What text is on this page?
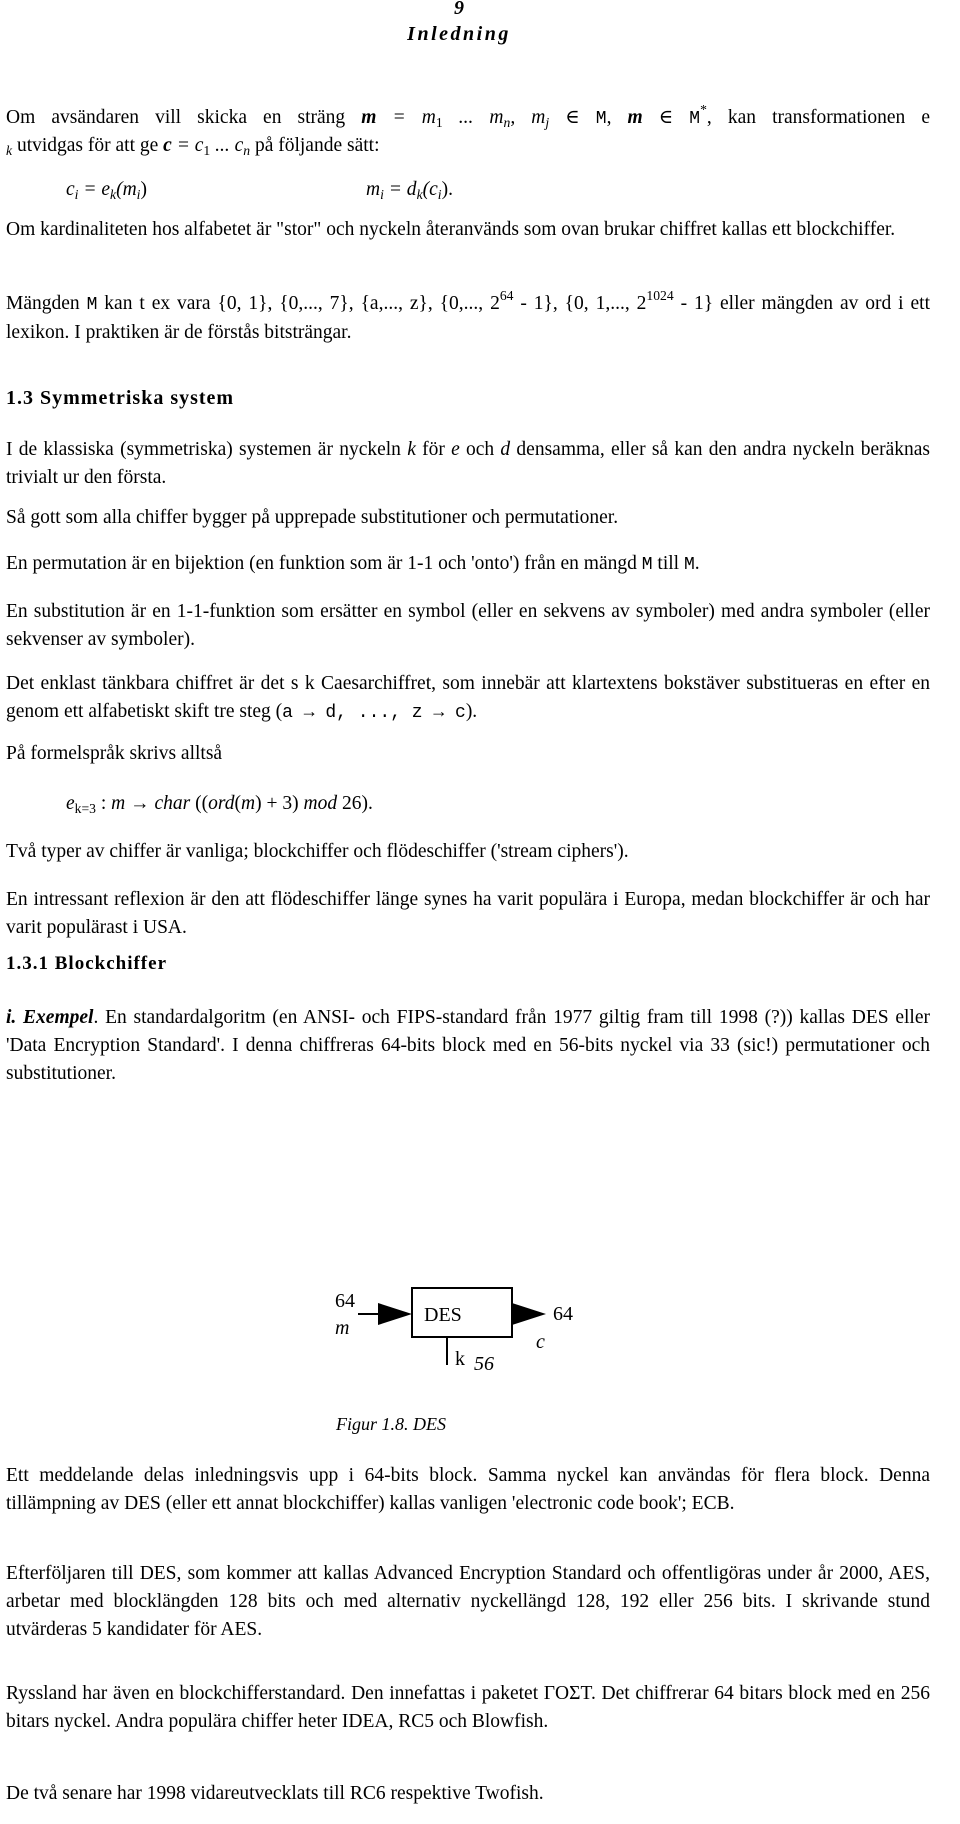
9
Inledning

Om avsändaren vill skicka en sträng $m = m_1$ ... $m_n$, $m_j$ ∈ M, m ∈ M*, kan transformationen e

$_k$ utvidgas för att ge $c = c_1$ ... $c_n$ på följande sätt:

$c_i = e_k(m_i)$	$m_i = d_k(c_i)$.

Om kardinaliteten hos alfabetet är "stor" och nyckeln återanvänds som ovan brukar chiffret kallas ett blockchiffer.

Mängden M kan t ex vara {0, 1}, {0,..., 7}, {a,..., z}, {0,..., $2^{64} - 1$}, {0, 1,..., $2^{1024} - 1$} eller mängden av ord i ett lexikon. I praktiken är de förstås bitsträngar.

1.3 Symmetriska system

I de klassiska (symmetriska) systemen är nyckeln k för e och d densamma, eller så kan den andra nyckeln beräknas trivialt ur den första.

Så gott som alla chiffer bygger på upprepade substitutioner och permutationer.

En permutation är en bijektion (en funktion som är 1-1 och 'onto') från en mängd M till M.

En substitution är en 1-1-funktion som ersätter en symbol (eller en sekvens av symboler) med andra symboler (eller sekvenser av symboler).

Det enklast tänkbara chiffret är det s k Caesarchiffret, som innebär att klartextens bokstäver substitueras en efter en genom ett alfabetiskt skift tre steg (a → d, ..., z → c).

På formelspråk skrivs alltså

$e_{k=3}$ : m → char ((ord(m) + 3) mod 26).

Två typer av chiffer är vanliga; blockchiffer och flödeschiffer ('stream ciphers').

En intressant reflexion är den att flödeschiffer länge synes ha varit populära i Europa, medan blockchiffer är och har varit populärast i USA.

1.3.1 Blockchiffer

i. Exempel. En standardalgoritm (en ANSI- och FIPS-standard från 1977 giltig fram till 1998 (?)) kallas DES eller 'Data Encryption Standard'. I denna chiffreras 64-bits block med en 56-bits nyckel via 33 (sic!) permutationer och substitutioner.

64
m
DES	64
c
k 56

Figur 1.8. DES

Ett meddelande delas inledningsvis upp i 64-bits block. Samma nyckel kan användas för flera block. Denna tillämpning av DES (eller ett annat blockchiffer) kallas vanligen 'electronic code book'; ECB.

Efterföljaren till DES, som kommer att kallas Advanced Encryption Standard och offentligöras under år 2000, AES, arbetar med blocklängden 128 bits och med alternativ nyckellängd 128, 192 eller 256 bits. I skrivande stund utvärderas 5 kandidater för AES.

Ryssland har även en blockchifferstandard. Den innefattas i paketet ΓΟΣΤ. Det chiffrerar 64 bitars block med en 256 bitars nyckel. Andra populära chiffer heter IDEA, RC5 och Blowfish.

De två senare har 1998 vidareutvecklats till RC6 respektive Twofish.
